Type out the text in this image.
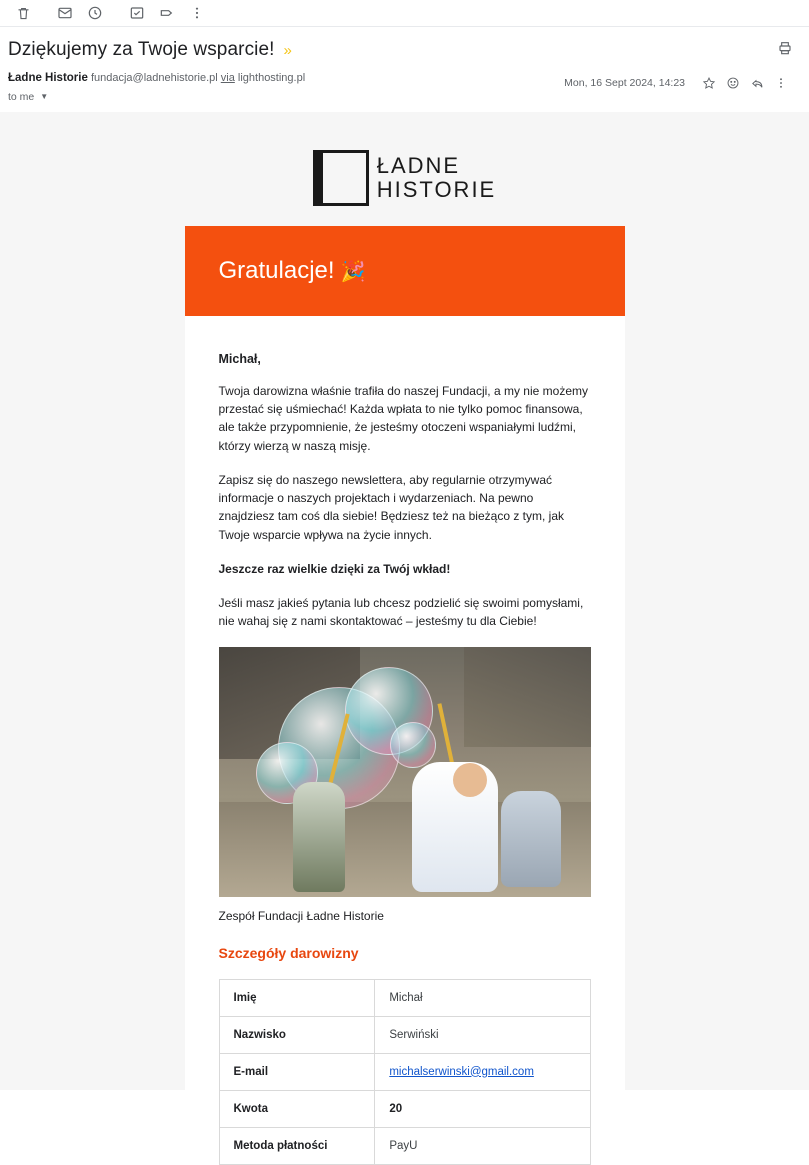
Dziękujemy za Twoje wsparcie! »
Ładne Historie fundacja@ladnehistorie.pl via lighthosting.pl
to me ▼
Mon, 16 Sept 2024, 14:23
ŁADNE
HISTORIE
Gratulacje! 🎉

Michał,

Twoja darowizna właśnie trafiła do naszej Fundacji, a my nie możemy przestać się uśmiechać! Każda wpłata to nie tylko pomoc finansowa, ale także przypomnienie, że jesteśmy otoczeni wspaniałymi ludźmi, którzy wierzą w naszą misję.

Zapisz się do naszego newslettera, aby regularnie otrzymywać informacje o naszych projektach i wydarzeniach. Na pewno znajdziesz tam coś dla siebie! Będziesz też na bieżąco z tym, jak Twoje wsparcie wpływa na życie innych.

Jeszcze raz wielkie dzięki za Twój wkład!

Jeśli masz jakieś pytania lub chcesz podzielić się swoimi pomysłami, nie wahaj się z nami skontaktować – jesteśmy tu dla Ciebie!

Zespół Fundacji Ładne Historie

Szczegóły darowizny

Imię	Michał
Nazwisko	Serwiński
E-mail	michalserwinski@gmail.com
Kwota	20
Metoda płatności	PayU
